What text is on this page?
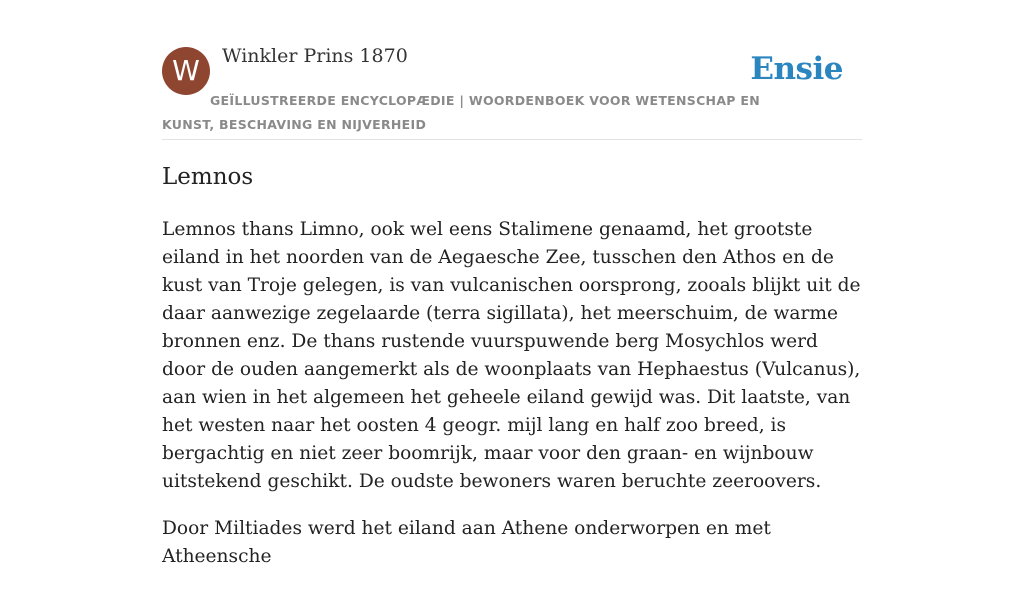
W	Winkler Prins 1870	Ensie
GEÏLLUSTREERDE ENCYCLOPÆDIE | WOORDENBOEK VOOR WETENSCHAP EN KUNST, BESCHAVING EN NIJVERHEID
Lemnos

Lemnos thans Limno, ook wel eens Stalimene genaamd, het grootste eiland in het noorden van de Aegaesche Zee, tusschen den Athos en de kust van Troje gelegen, is van vulcanischen oorsprong, zooals blijkt uit de daar aanwezige zegelaarde (terra sigillata), het meerschuim, de warme bronnen enz. De thans rustende vuurspuwende berg Mosychlos werd door de ouden aangemerkt als de woonplaats van Hephaestus (Vulcanus), aan wien in het algemeen het geheele eiland gewijd was. Dit laatste, van het westen naar het oosten 4 geogr. mijl lang en half zoo breed, is bergachtig en niet zeer boomrijk, maar voor den graan- en wijnbouw uitstekend geschikt. De oudste bewoners waren beruchte zeeroovers.

Door Miltiades werd het eiland aan Athene onderworpen en met Atheensche
